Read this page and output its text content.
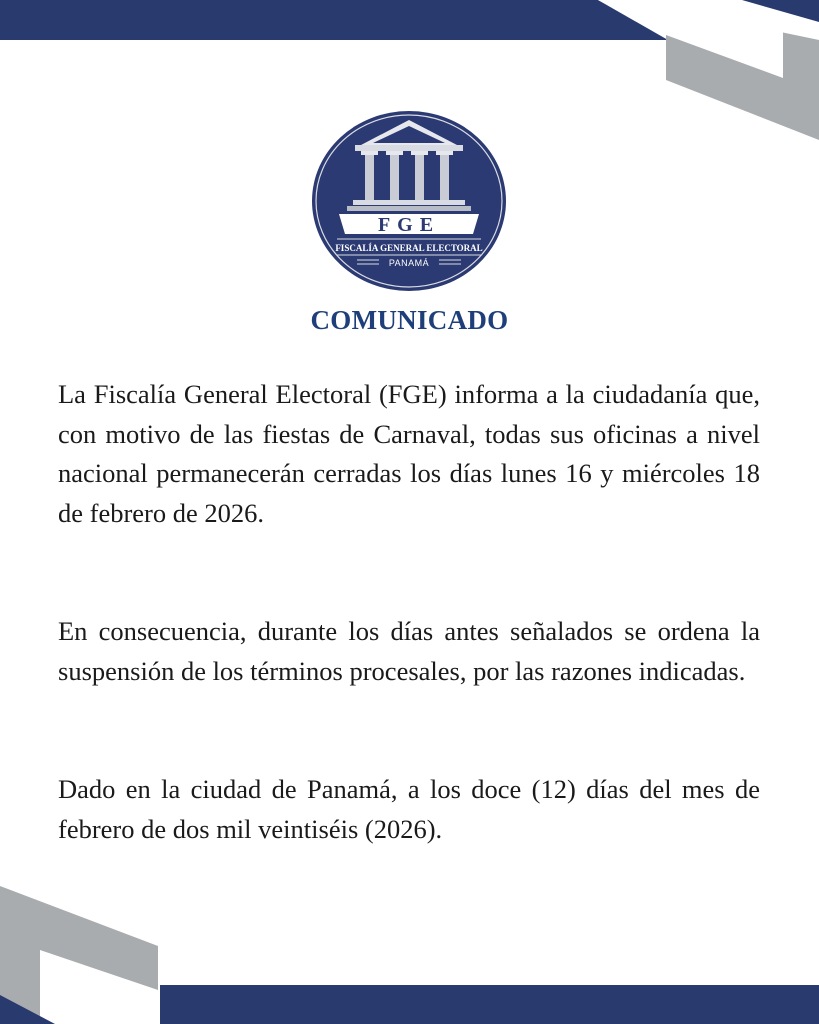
FGE
FISCALÍA GENERAL ELECTORAL
PANAMÁ
COMUNICADO
La Fiscalía General Electoral (FGE) informa a la ciudadanía que, con motivo de las fiestas de Carnaval, todas sus oficinas a nivel nacional permanecerán cerradas los días lunes 16 y miércoles 18 de febrero de 2026.
En consecuencia, durante los días antes señalados se ordena la suspensión de los términos procesales, por las razones indicadas.
Dado en la ciudad de Panamá, a los doce (12) días del mes de febrero de dos mil veintiséis (2026).
